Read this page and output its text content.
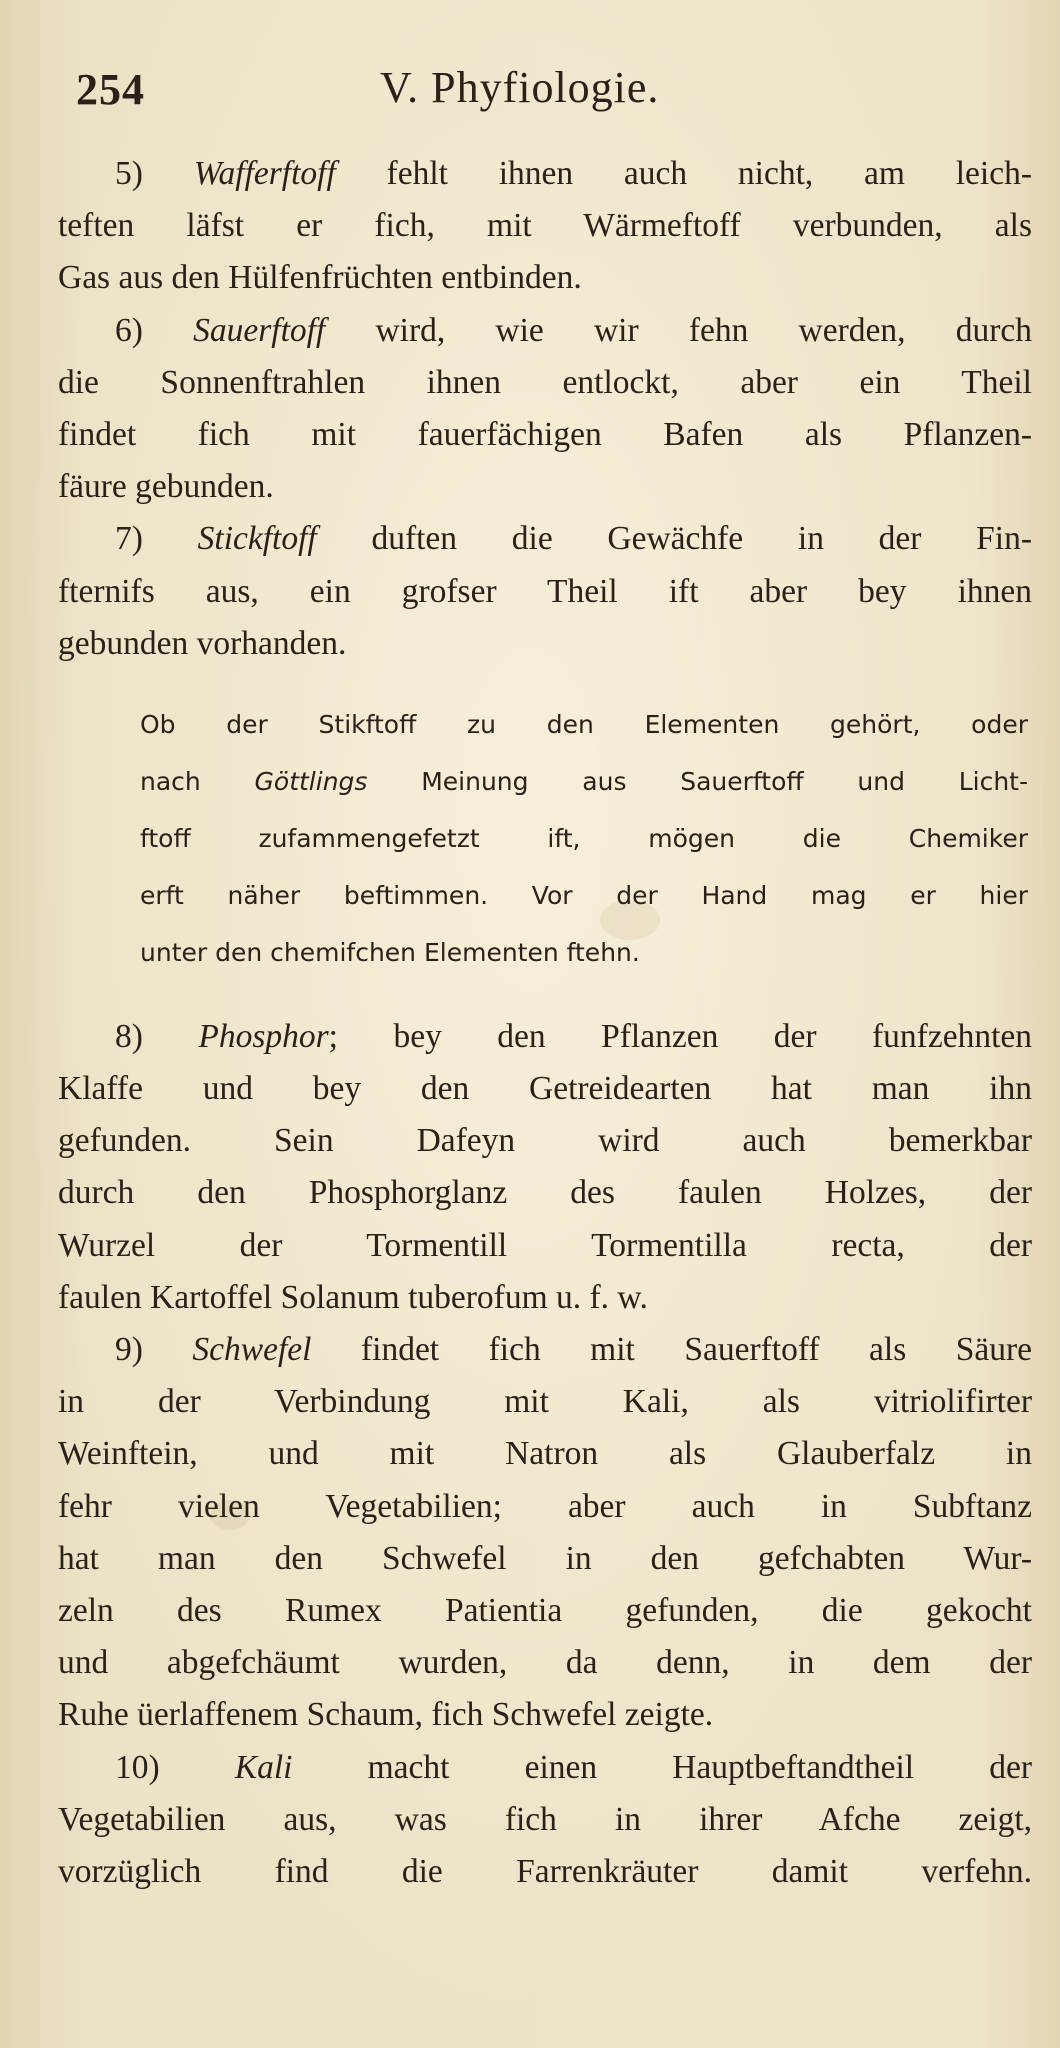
254	V. Phyfiologie.
5) Wafferftoff fehlt ihnen auch nicht, am leich-
teften läfst er fich, mit Wärmeftoff verbunden, als
Gas aus den Hülfenfrüchten entbinden.
6) Sauerftoff wird, wie wir fehn werden, durch
die Sonnenftrahlen ihnen entlockt, aber ein Theil
findet fich mit fauerfächigen Bafen als Pflanzen-
fäure gebunden.
7) Stickftoff duften die Gewächfe in der Fin-
fternifs aus, ein grofser Theil ift aber bey ihnen
gebunden vorhanden.
Ob der Stikftoff zu den Elementen gehört, oder
nach Göttlings Meinung aus Sauerftoff und Licht-
ftoff zufammengefetzt ift, mögen die Chemiker
erft näher beftimmen. Vor der Hand mag er hier
unter den chemifchen Elementen ftehn.
8) Phosphor; bey den Pflanzen der funfzehnten
Klaffe und bey den Getreidearten hat man ihn
gefunden. Sein Dafeyn wird auch bemerkbar
durch den Phosphorglanz des faulen Holzes, der
Wurzel der Tormentill Tormentilla recta, der
faulen Kartoffel Solanum tuberofum u. f. w.
9) Schwefel findet fich mit Sauerftoff als Säure
in der Verbindung mit Kali, als vitriolifirter
Weinftein, und mit Natron als Glauberfalz in
fehr vielen Vegetabilien; aber auch in Subftanz
hat man den Schwefel in den gefchabten Wur-
zeln des Rumex Patientia gefunden, die gekocht
und abgefchäumt wurden, da denn, in dem der
Ruhe üerlaffenem Schaum, fich Schwefel zeigte.
10) Kali macht einen Hauptbeftandtheil der
Vegetabilien aus, was fich in ihrer Afche zeigt,
vorzüglich find die Farrenkräuter damit verfehn.
